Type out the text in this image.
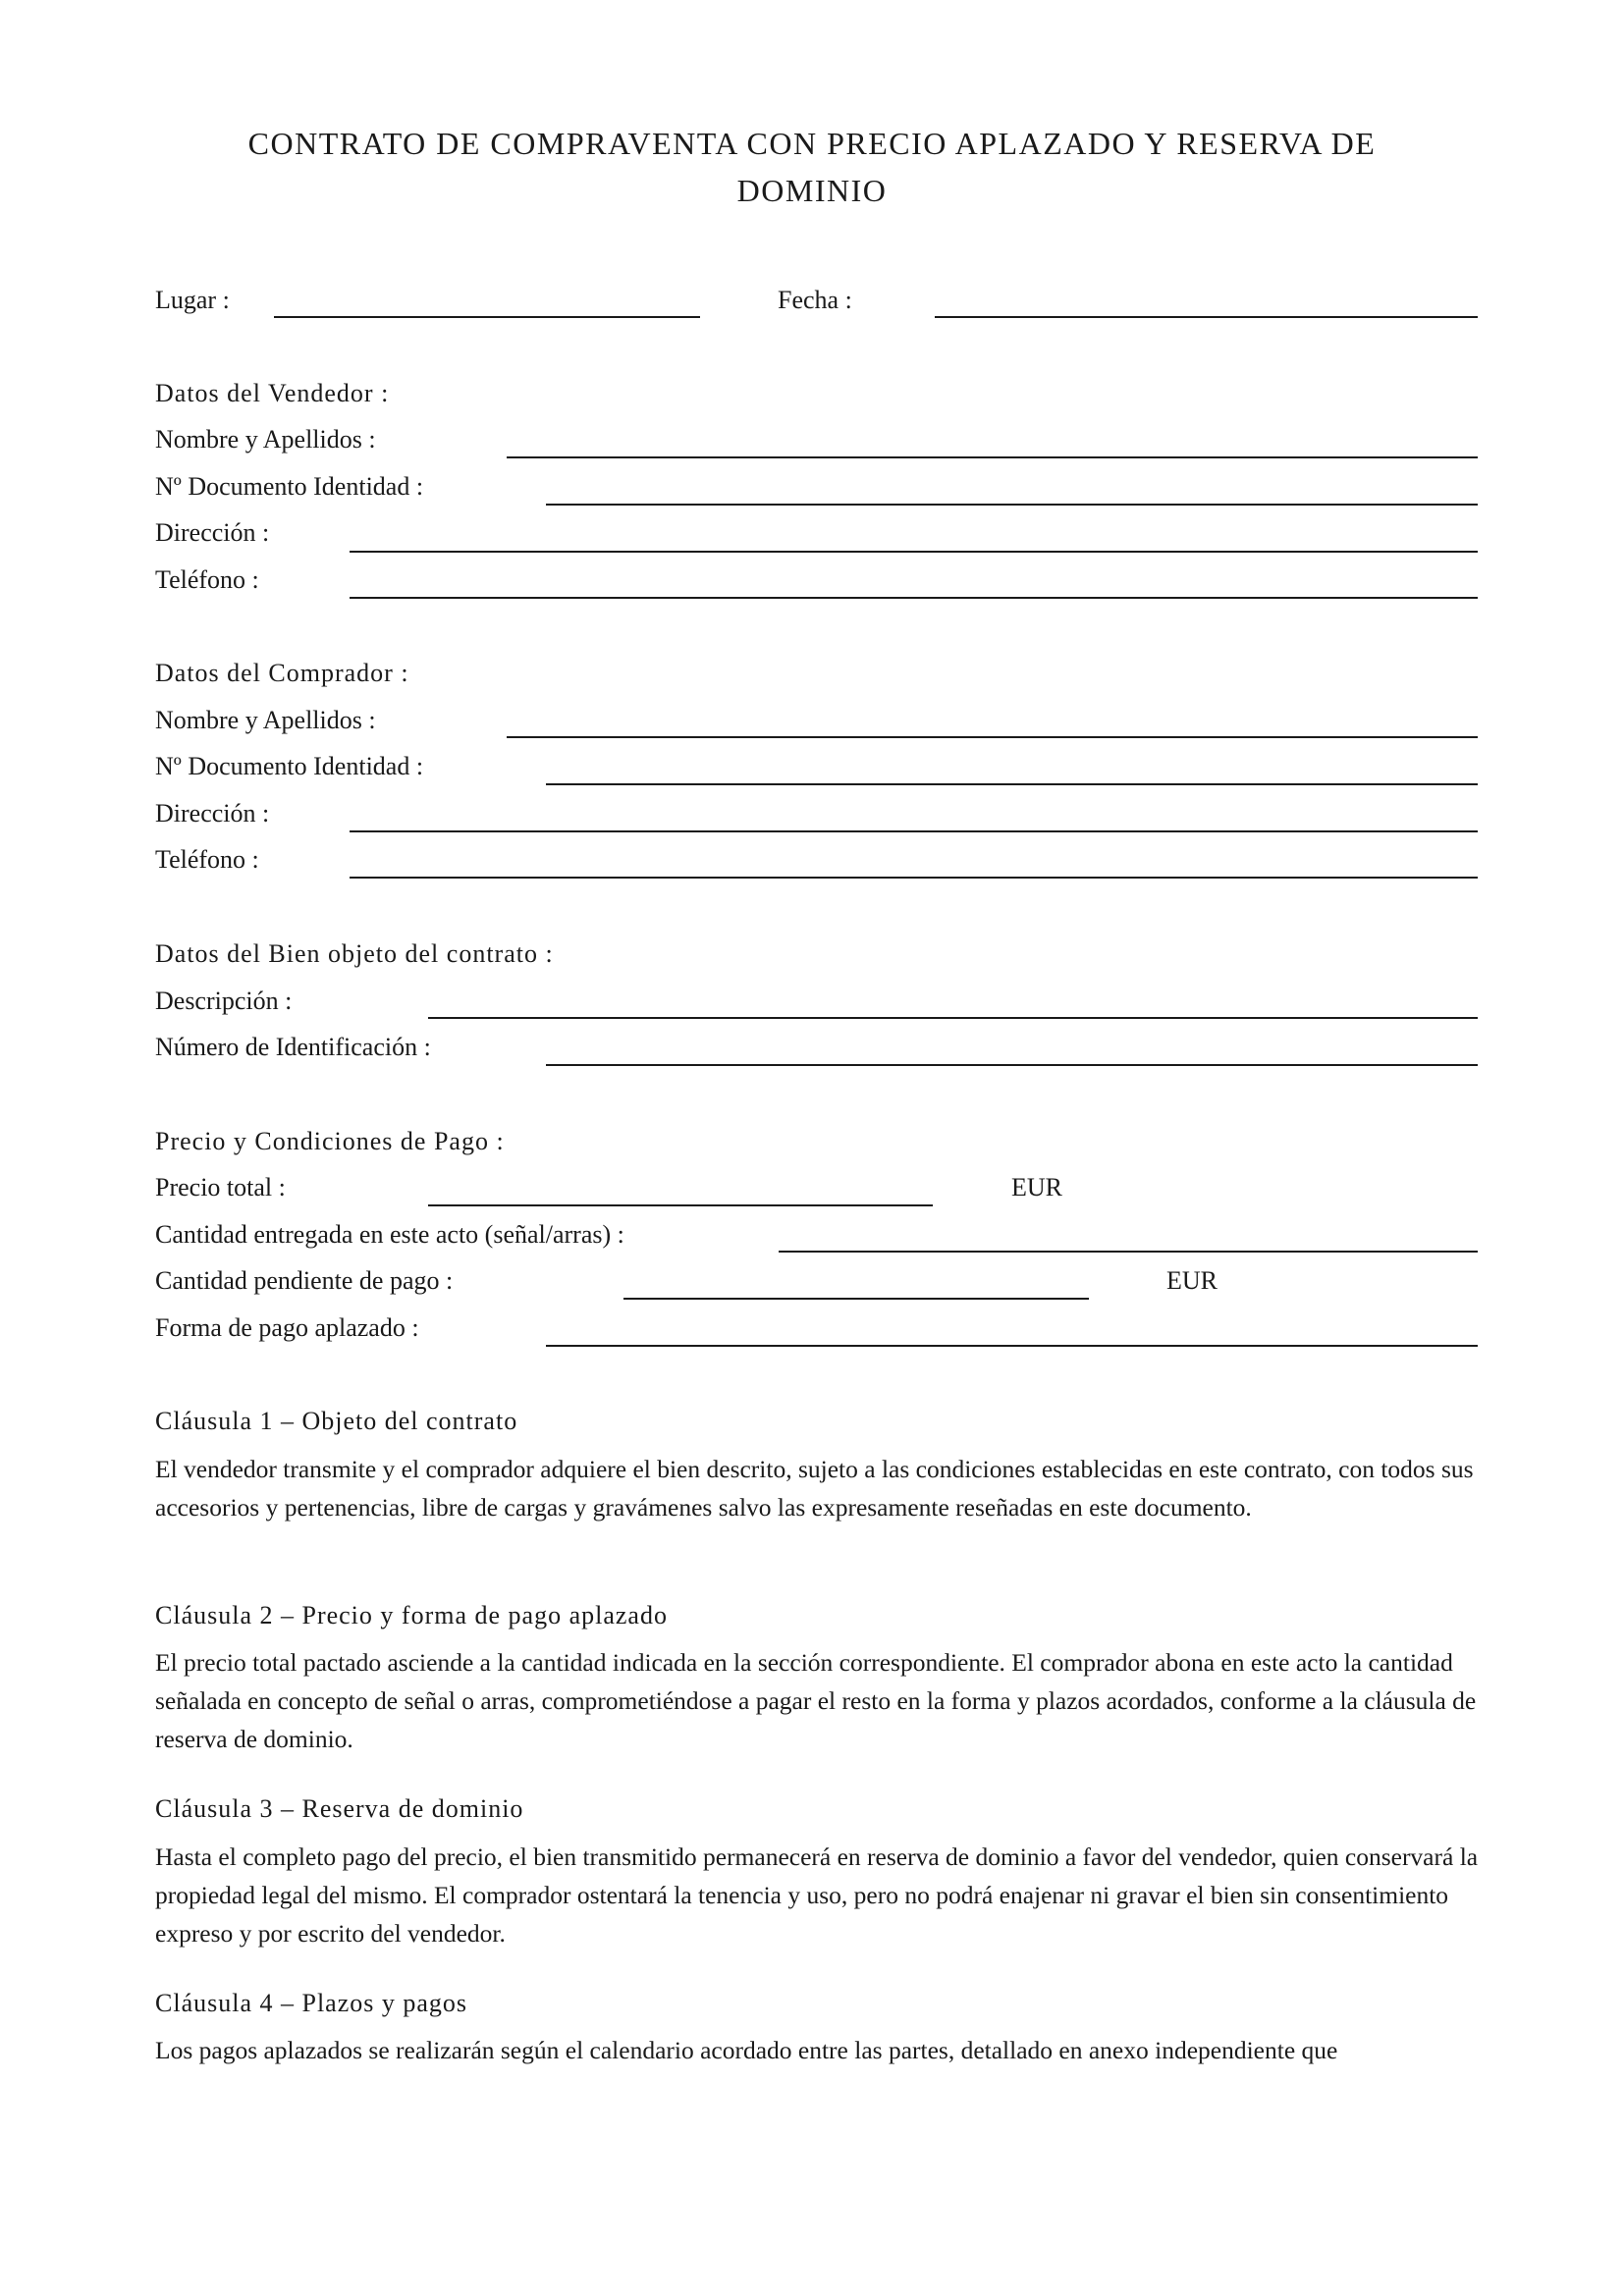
CONTRATO DE COMPRAVENTA CON PRECIO APLAZADO Y RESERVA DE
DOMINIO
Lugar :	Fecha :
Datos del Vendedor :
Nombre y Apellidos :
Nº Documento Identidad :
Dirección :
Teléfono :
Datos del Comprador :
Nombre y Apellidos :
Nº Documento Identidad :
Dirección :
Teléfono :
Datos del Bien objeto del contrato :
Descripción :
Número de Identificación :
Precio y Condiciones de Pago :
Precio total :	EUR
Cantidad entregada en este acto (señal/arras) :
Cantidad pendiente de pago :	EUR
Forma de pago aplazado :
Cláusula 1 – Objeto del contrato
El vendedor transmite y el comprador adquiere el bien descrito, sujeto a las condiciones establecidas en este contrato, con todos sus accesorios y pertenencias, libre de cargas y gravámenes salvo las expresamente reseñadas en este documento.
Cláusula 2 – Precio y forma de pago aplazado
El precio total pactado asciende a la cantidad indicada en la sección correspondiente. El comprador abona en este acto la cantidad señalada en concepto de señal o arras, comprometiéndose a pagar el resto en la forma y plazos acordados, conforme a la cláusula de reserva de dominio.
Cláusula 3 – Reserva de dominio
Hasta el completo pago del precio, el bien transmitido permanecerá en reserva de dominio a favor del vendedor, quien conservará la propiedad legal del mismo. El comprador ostentará la tenencia y uso, pero no podrá enajenar ni gravar el bien sin consentimiento expreso y por escrito del vendedor.
Cláusula 4 – Plazos y pagos
Los pagos aplazados se realizarán según el calendario acordado entre las partes, detallado en anexo independiente que
